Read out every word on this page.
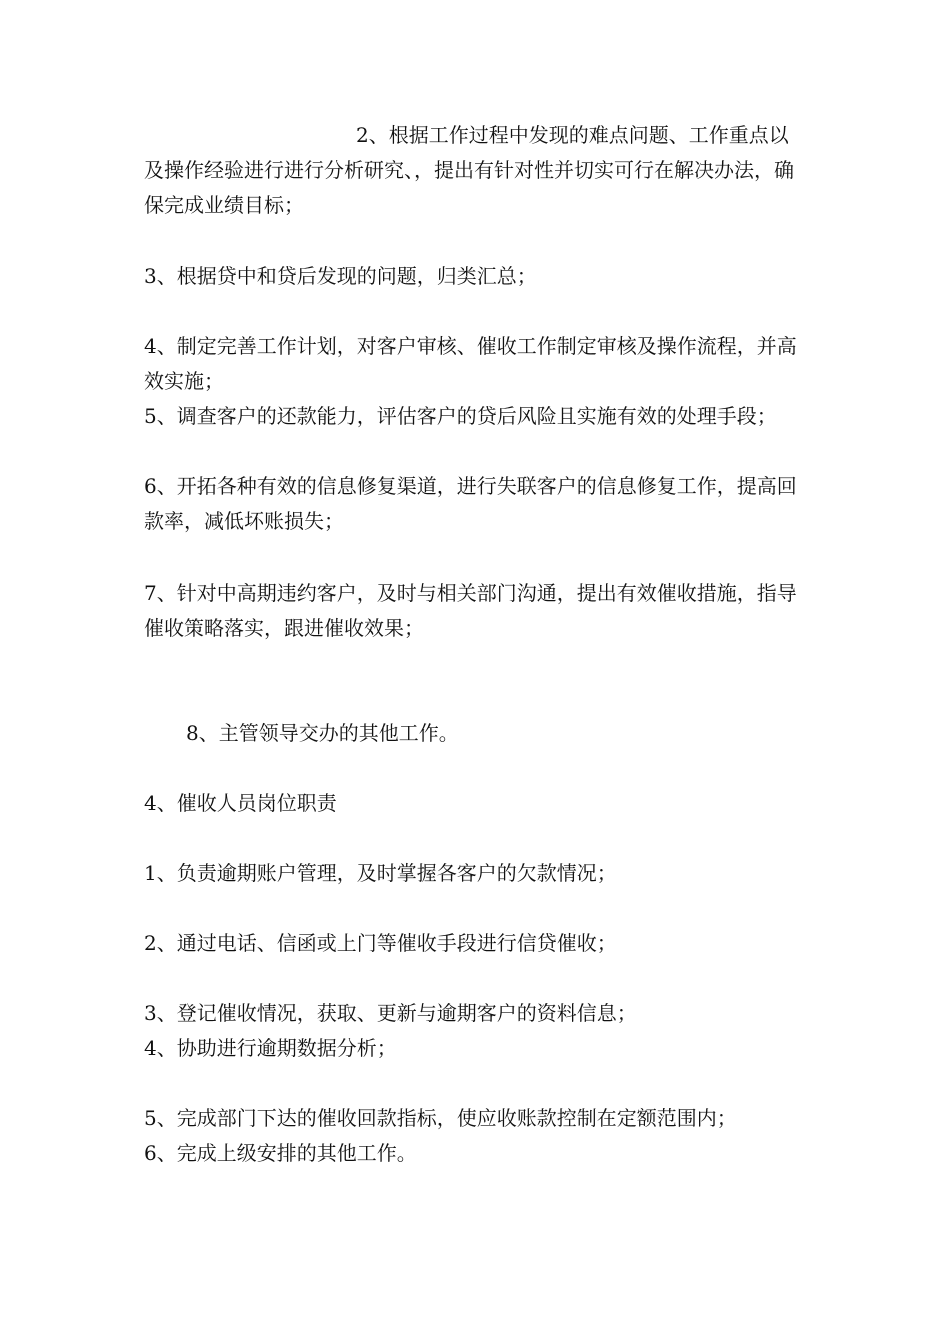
2、根据工作过程中发现的难点问题、工作重点以及操作经验进行进行分析研究、，提出有针对性并切实可行在解决办法，确保完成业绩目标；

3、根据贷中和贷后发现的问题，归类汇总；

4、制定完善工作计划，对客户审核、催收工作制定审核及操作流程，并高效实施；

5、调查客户的还款能力，评估客户的贷后风险且实施有效的处理手段；

6、开拓各种有效的信息修复渠道，进行失联客户的信息修复工作，提高回款率，减低坏账损失；

7、针对中高期违约客户，及时与相关部门沟通，提出有效催收措施，指导催收策略落实，跟进催收效果；

8、主管领导交办的其他工作。

4、催收人员岗位职责

1、负责逾期账户管理，及时掌握各客户的欠款情况；

2、通过电话、信函或上门等催收手段进行信贷催收；

3、登记催收情况，获取、更新与逾期客户的资料信息；

4、协助进行逾期数据分析；

5、完成部门下达的催收回款指标，使应收账款控制在定额范围内；

6、完成上级安排的其他工作。
